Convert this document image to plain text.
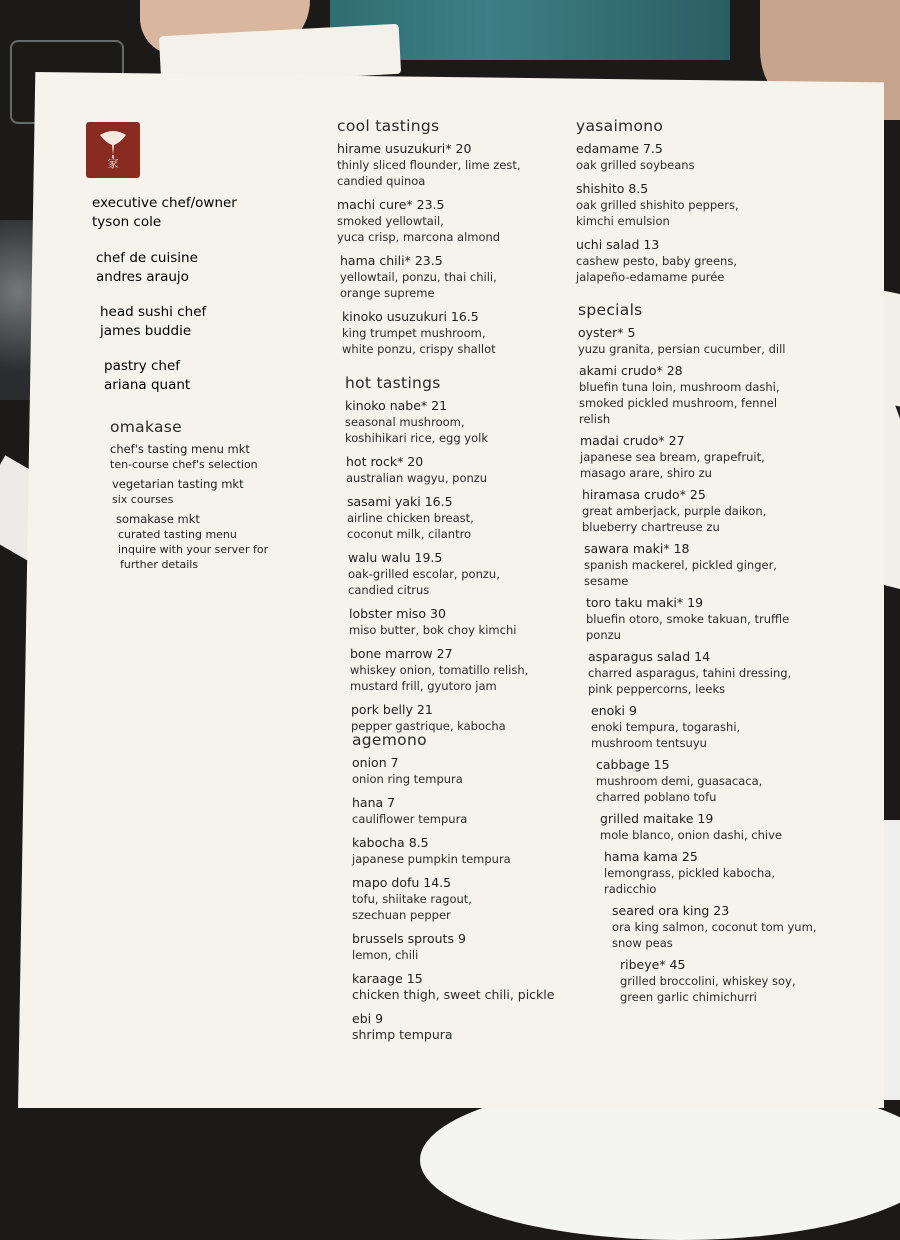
家
executive chef/owner
tyson cole
chef de cuisine
andres araujo
head sushi chef
james buddie
pastry chef
ariana quant
omakase
chef's tasting menu mkt
ten-course chef's selection
vegetarian tasting mkt
six courses
somakase mkt
curated tasting menu
inquire with your server for
further details
cool tastings
hirame usuzukuri* 20
thinly sliced flounder, lime zest,
candied quinoa
machi cure* 23.5
smoked yellowtail,
yuca crisp, marcona almond
hama chili* 23.5
yellowtail, ponzu, thai chili,
orange supreme
kinoko usuzukuri 16.5
king trumpet mushroom,
white ponzu, crispy shallot
hot tastings
kinoko nabe* 21
seasonal mushroom,
koshihikari rice, egg yolk
hot rock* 20
australian wagyu, ponzu
sasami yaki 16.5
airline chicken breast,
coconut milk, cilantro
walu walu 19.5
oak-grilled escolar, ponzu,
candied citrus
lobster miso 30
miso butter, bok choy kimchi
bone marrow 27
whiskey onion, tomatillo relish,
mustard frill, gyutoro jam
pork belly 21
pepper gastrique, kabocha
agemono
onion 7
onion ring tempura
hana 7
cauliflower tempura
kabocha 8.5
japanese pumpkin tempura
mapo dofu 14.5
tofu, shiitake ragout,
szechuan pepper
brussels sprouts 9
lemon, chili
karaage 15
chicken thigh, sweet chili, pickle
ebi 9
shrimp tempura
yasaimono
edamame 7.5
oak grilled soybeans
shishito 8.5
oak grilled shishito peppers,
kimchi emulsion
uchi salad 13
cashew pesto, baby greens,
jalapeño-edamame purée
specials
oyster* 5
yuzu granita, persian cucumber, dill
akami crudo* 28
bluefin tuna loin, mushroom dashi,
smoked pickled mushroom, fennel
relish
madai crudo* 27
japanese sea bream, grapefruit,
masago arare, shiro zu
hiramasa crudo* 25
great amberjack, purple daikon,
blueberry chartreuse zu
sawara maki* 18
spanish mackerel, pickled ginger,
sesame
toro taku maki* 19
bluefin otoro, smoke takuan, truffle
ponzu
asparagus salad 14
charred asparagus, tahini dressing,
pink peppercorns, leeks
enoki 9
enoki tempura, togarashi,
mushroom tentsuyu
cabbage 15
mushroom demi, guasacaca,
charred poblano tofu
grilled maitake 19
mole blanco, onion dashi, chive
hama kama 25
lemongrass, pickled kabocha,
radicchio
seared ora king 23
ora king salmon, coconut tom yum,
snow peas
ribeye* 45
grilled broccolini, whiskey soy,
green garlic chimichurri
